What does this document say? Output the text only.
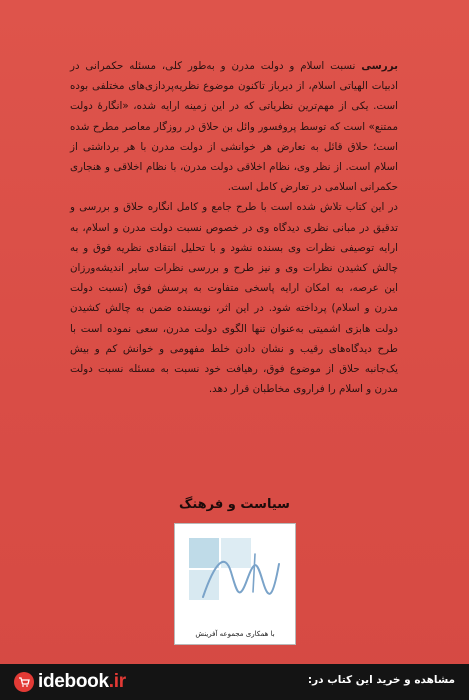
بررسی نسبت اسلام و دولت مدرن و به‌طور کلی، مسئله حکمرانی در ادبیات الهیاتی اسلام، از دیرباز تاکنون موضوع نظریه‌پردازی‌های مختلفی بوده است. یکی از مهم‌ترین نظریاتی که در این زمینه ارایه شده، «انگارهٔ دولت ممتنع» است که توسط پروفسور وائل بن حلاق در روزگار معاصر مطرح شده است؛ حلاق قائل به تعارض هر خوانشی از دولت مدرن با هر برداشتی از اسلام است. از نظر وی، نظام اخلاقی دولت مدرن، با نظام اخلاقی و هنجاری حکمرانی اسلامی در تعارض کامل است.

در این کتاب تلاش شده است با طرح جامع و کامل انگاره حلاق و بررسی و تدقیق در مبانی نظری دیدگاه وی در خصوص نسبت دولت مدرن و اسلام، به ارایه توصیفی نظرات وی بسنده نشود و با تحلیل انتقادی نظریه فوق و به چالش کشیدن نظرات وی و نیز طرح و بررسی نظرات سایر اندیشه‌ورزان این عرصه، به امکان ارایه پاسخی متفاوت به پرسش فوق (نسبت دولت مدرن و اسلام) پرداخته شود. در این اثر، نویسنده ضمن به چالش کشیدن دولت هابزی اشمیتی به‌عنوان تنها الگوی دولت مدرن، سعی نموده است با طرح دیدگاه‌های رقیب و نشان دادن خلط مفهومی و خوانش کم و بیش یک‌جانبه حلاق از موضوع فوق، رهیافت خود نسبت به مسئله نسبت دولت مدرن و اسلام را فراروی مخاطبان قرار دهد.

سیاست و فرهنگ
با همکاری مجموعه آفرینش
idebook .ir	مشاهده و خرید این کتاب در:
